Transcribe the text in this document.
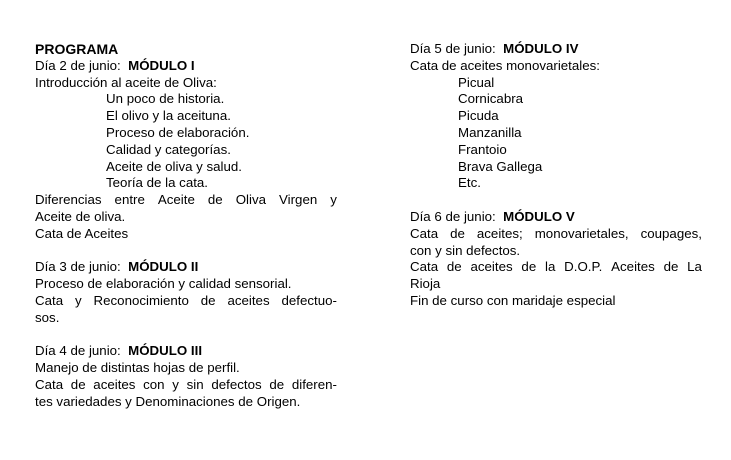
PROGRAMA
Día 2 de junio: MÓDULO I
Introducción al aceite de Oliva:
Un poco de historia.
El olivo y la aceituna.
Proceso de elaboración.
Calidad y categorías.
Aceite de oliva y salud.
Teoría de la cata.
Diferencias entre Aceite de Oliva Virgen y
Aceite de oliva.
Cata de Aceites
Día 3 de junio: MÓDULO II
Proceso de elaboración y calidad sensorial.
Cata y Reconocimiento de aceites defectuo-
sos.
Día 4 de junio: MÓDULO III
Manejo de distintas hojas de perfil.
Cata de aceites con y sin defectos de diferen-
tes variedades y Denominaciones de Origen.
Día 5 de junio: MÓDULO IV
Cata de aceites monovarietales:
Picual
Cornicabra
Picuda
Manzanilla
Frantoio
Brava Gallega
Etc.
Día 6 de junio: MÓDULO V
Cata de aceites; monovarietales, coupages,
con y sin defectos.
Cata de aceites de la D.O.P. Aceites de La
Rioja
Fin de curso con maridaje especial
